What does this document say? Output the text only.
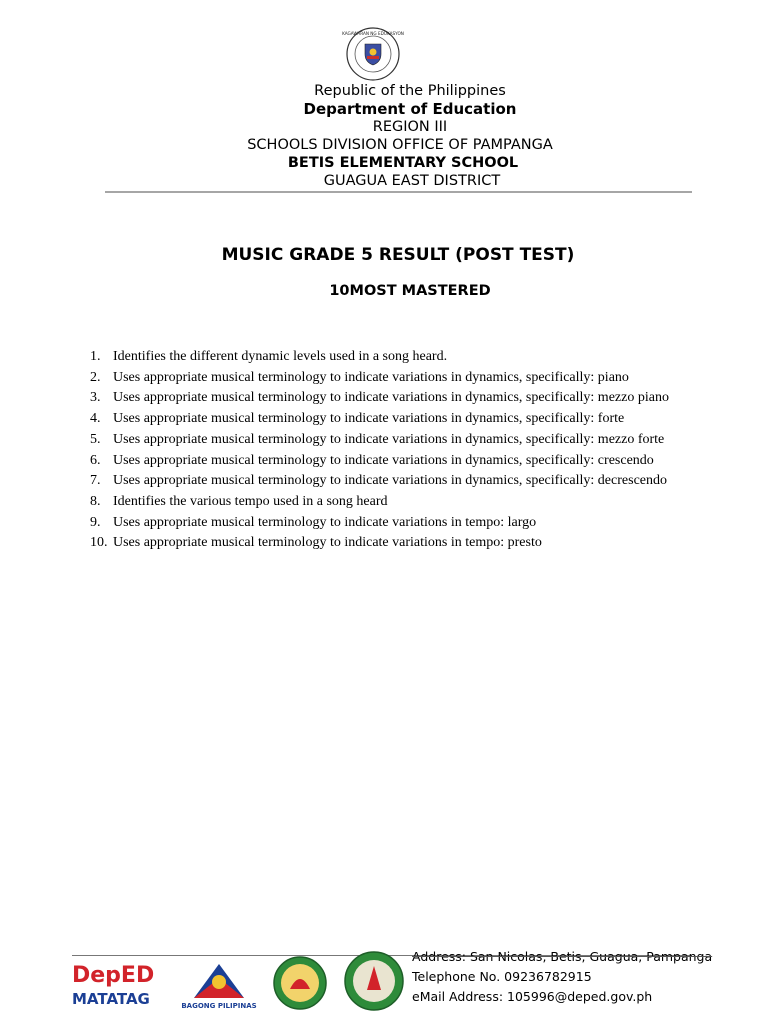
KAGAWARAN NG EDUKASYON
Republic of the Philippines
Department of Education
REGION III
SCHOOLS DIVISION OFFICE OF PAMPANGA
BETIS ELEMENTARY SCHOOL
GUAGUA EAST DISTRICT
MUSIC GRADE 5 RESULT (POST TEST)
10MOST MASTERED
1. Identifies the different dynamic levels used in a song heard.
2. Uses appropriate musical terminology to indicate variations in dynamics, specifically: piano
3. Uses appropriate musical terminology to indicate variations in dynamics, specifically: mezzo piano
4. Uses appropriate musical terminology to indicate variations in dynamics, specifically: forte
5. Uses appropriate musical terminology to indicate variations in dynamics, specifically: mezzo forte
6. Uses appropriate musical terminology to indicate variations in dynamics, specifically: crescendo
7. Uses appropriate musical terminology to indicate variations in dynamics, specifically: decrescendo
8. Identifies the various tempo used in a song heard
9. Uses appropriate musical terminology to indicate variations in tempo: largo
10. Uses appropriate musical terminology to indicate variations in tempo: presto
DepED
MATATAG	BAGONG PILIPINAS
Address: San Nicolas, Betis, Guagua, Pampanga
Telephone No. 09236782915
eMail Address: 105996@deped.gov.ph
